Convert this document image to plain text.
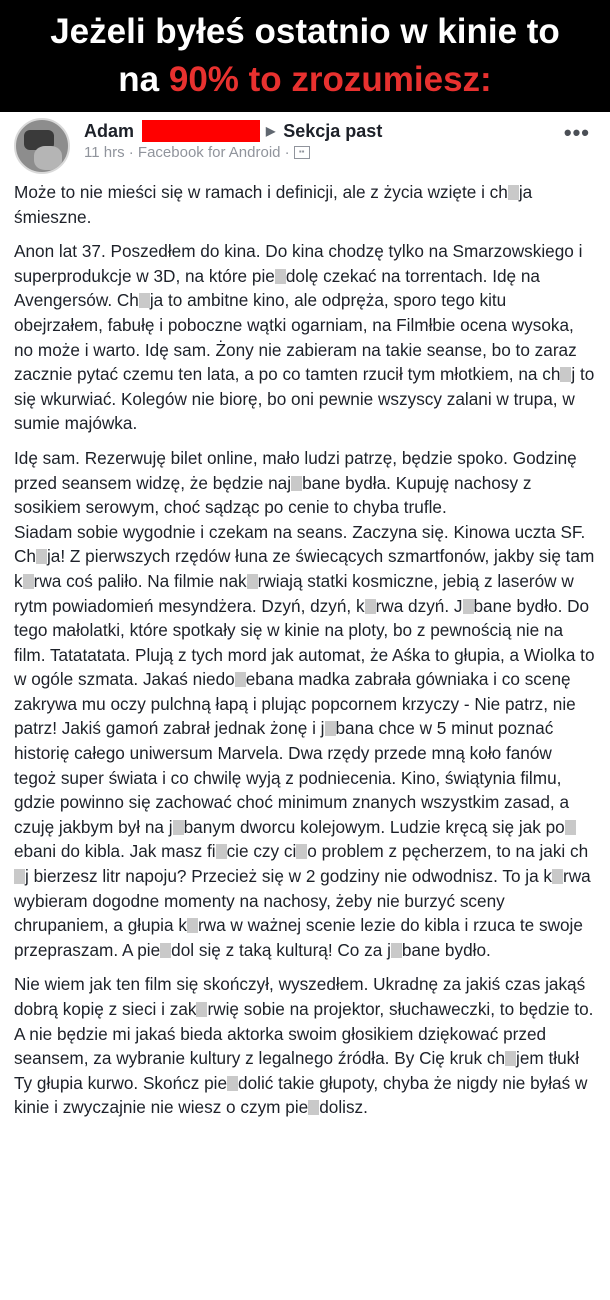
Jeżeli byłeś ostatnio w kinie to
na 90% to zrozumiesz:
Adam	▶ Sekcja past
11 hrs · Facebook for Android ·	▪▪
•••

Może to nie mieści się w ramach i definicji, ale z życia wzięte i ch ja śmieszne.

Anon lat 37. Poszedłem do kina. Do kina chodzę tylko na Smarzowskiego i superprodukcje w 3D, na które pie dolę czekać na torrentach. Idę na Avengersów. Ch ja to ambitne kino, ale odpręża, sporo tego kitu obejrzałem, fabułę i poboczne wątki ogarniam, na Filmłbie ocena wysoka, no może i warto. Idę sam. Żony nie zabieram na takie seanse, bo to zaraz zacznie pytać czemu ten lata, a po co tamten rzucił tym młotkiem, na ch j to się wkurwiać. Kolegów nie biorę, bo oni pewnie wszyscy zalani w trupa, w sumie majówka.

Idę sam. Rezerwuję bilet online, mało ludzi patrzę, będzie spoko. Godzinę przed seansem widzę, że będzie naj bane bydła. Kupuję nachosy z sosikiem serowym, choć sądząc po cenie to chyba trufle.
Siadam sobie wygodnie i czekam na seans. Zaczyna się. Kinowa uczta SF. Ch ja! Z pierwszych rzędów łuna ze świecących szmartfonów, jakby się tam k rwa coś paliło. Na filmie nak rwiają statki kosmiczne, jebią z laserów w rytm powiadomień mesyndżera. Dzyń, dzyń, k rwa dzyń. J bane bydło. Do tego małolatki, które spotkały się w kinie na ploty, bo z pewnością nie na film. Tatatatata. Plują z tych mord jak automat, że Aśka to głupia, a Wiolka to w ogóle szmata. Jakaś niedo ebana madka zabrała gówniaka i co scenę zakrywa mu oczy pulchną łapą i plując popcornem krzyczy - Nie patrz, nie patrz! Jakiś gamoń zabrał jednak żonę i j bana chce w 5 minut poznać historię całego uniwersum Marvela. Dwa rzędy przede mną koło fanów tegoż super świata i co chwilę wyją z podniecenia. Kino, świątynia filmu, gdzie powinno się zachować choć minimum znanych wszystkim zasad, a czuję jakbym był na j banym dworcu kolejowym. Ludzie kręcą się jak poebani do kibla. Jak masz fi cie czy ci o problem z pęcherzem, to na jaki chj bierzesz litr napoju? Przecież się w 2 godziny nie odwodnisz. To ja k rwa wybieram dogodne momenty na nachosy, żeby nie burzyć sceny chrupaniem, a głupia k rwa w ważnej scenie lezie do kibla i rzuca te swoje przepraszam. A pie dol się z taką kulturą! Co za j bane bydło.

Nie wiem jak ten film się skończył, wyszedłem. Ukradnę za jakiś czas jakąś dobrą kopię z sieci i zak rwię sobie na projektor, słuchaweczki, to będzie to. A nie będzie mi jakaś bieda aktorka swoim głosikiem dziękować przed seansem, za wybranie kultury z legalnego źródła. By Cię kruk ch jem tłukł Ty głupia kurwo. Skończ pie dolić takie głupoty, chyba że nigdy nie byłaś w kinie i zwyczajnie nie wiesz o czym pie dolisz.
